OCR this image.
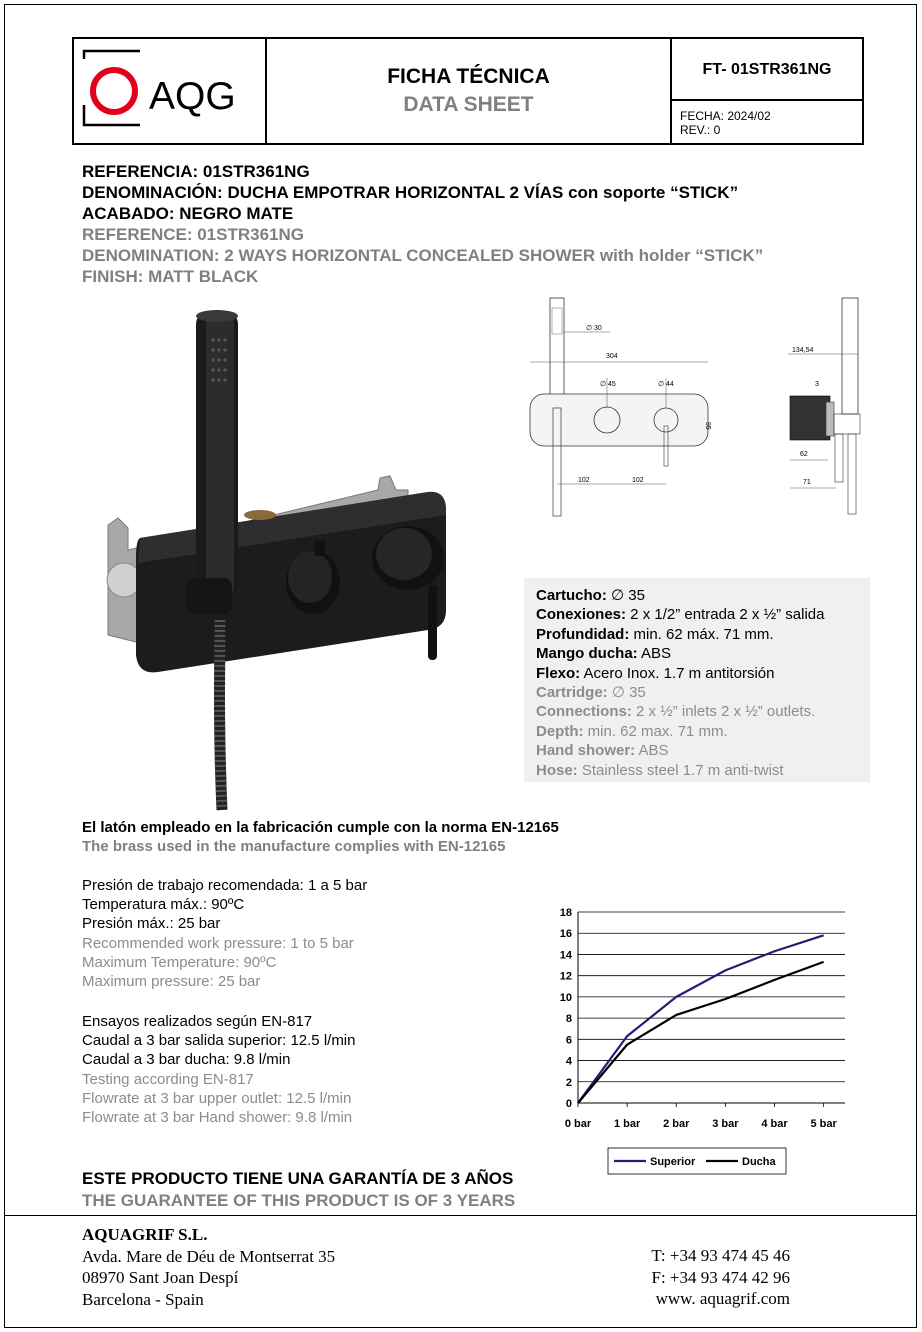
AQG	FICHA TÉCNICA
DATA SHEET
FT- 01STR361NG
FECHA: 2024/02
REV.: 0
REFERENCIA: 01STR361NG
DENOMINACIÓN: DUCHA EMPOTRAR HORIZONTAL 2 VÍAS con soporte “STICK”
ACABADO: NEGRO MATE
REFERENCE: 01STR361NG
DENOMINATION: 2 WAYS HORIZONTAL CONCEALED SHOWER with holder “STICK”
FINISH: MATT BLACK
∅ 30
304
∅ 45	∅ 44
95
102	102
134,54
3
62
71
Cartucho: ∅ 35
Conexiones: 2 x 1/2” entrada 2 x ½” salida
Profundidad: min. 62 máx. 71 mm.
Mango ducha: ABS
Flexo: Acero Inox. 1.7 m antitorsión
Cartridge: ∅ 35
Connections: 2 x ½” inlets 2 x ½” outlets.
Depth: min. 62 max. 71 mm.
Hand shower: ABS
Hose: Stainless steel 1.7 m anti-twist
El latón empleado en la fabricación cumple con la norma EN-12165
The brass used in the manufacture complies with EN-12165
Presión de trabajo recomendada: 1 a 5 bar
Temperatura máx.: 90ºC
Presión máx.: 25 bar
Recommended work pressure: 1 to 5 bar
Maximum Temperature: 90ºC
Maximum pressure: 25 bar
Ensayos realizados según EN-817
Caudal a 3 bar salida superior: 12.5 l/min
Caudal a 3 bar ducha: 9.8 l/min
Testing according EN-817
Flowrate at 3 bar upper outlet: 12.5 l/min
Flowrate at 3 bar Hand shower: 9.8 l/min
0
2
4
6
8
10
12
14
16
18
0 bar 1 bar 2 bar 3 bar 4 bar 5 bar
Superior	Ducha
ESTE PRODUCTO TIENE UNA GARANTÍA DE 3 AÑOS
THE GUARANTEE OF THIS PRODUCT IS OF 3 YEARS
AQUAGRIF S.L.
Avda. Mare de Déu de Montserrat 35
08970 Sant Joan Despí
Barcelona - Spain
T: +34 93 474 45 46
F: +34 93 474 42 96
www. aquagrif.com
